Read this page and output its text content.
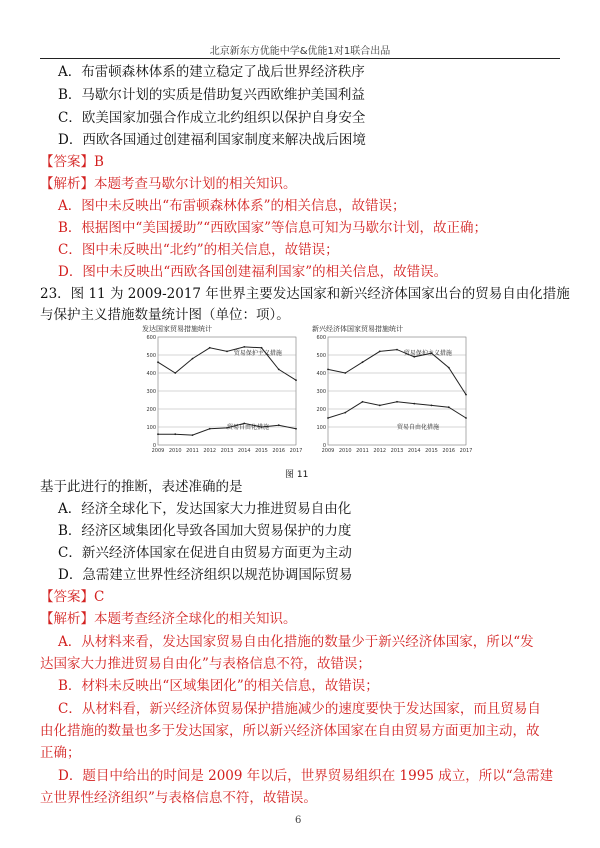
北京新东方优能中学&优能1对1联合出品
A．布雷顿森林体系的建立稳定了战后世界经济秩序
B．马歇尔计划的实质是借助复兴西欧维护美国利益
C．欧美国家加强合作成立北约组织以保护自身安全
D．西欧各国通过创建福利国家制度来解决战后困境
【答案】B
【解析】本题考查马歇尔计划的相关知识。
A．图中未反映出“布雷顿森林体系”的相关信息，故错误；
B．根据图中“美国援助”“西欧国家”等信息可知为马歇尔计划，故正确；
C．图中未反映出“北约”的相关信息，故错误；
D．图中未反映出“西欧各国创建福利国家”的相关信息，故错误。
23．图 11 为 2009-2017 年世界主要发达国家和新兴经济体国家出台的贸易自由化措施
与保护主义措施数量统计图（单位：项）。
发达国家贸易措施统计
0
100
200
300
400
500
600
2009 2010 2011 2012 2013 2014 2015 2016 2017
贸易保护主义措施
贸易自由化措施
新兴经济体国家贸易措施统计
0
100
200
300
400
500
600
2009 2010 2011 2012 2013 2014 2015 2016 2017
贸易保护主义措施
贸易自由化措施
图 11
基于此进行的推断，表述准确的是
A．经济全球化下，发达国家大力推进贸易自由化
B．经济区域集团化导致各国加大贸易保护的力度
C．新兴经济体国家在促进自由贸易方面更为主动
D．急需建立世界性经济组织以规范协调国际贸易
【答案】C
【解析】本题考查经济全球化的相关知识。
A．从材料来看，发达国家贸易自由化措施的数量少于新兴经济体国家，所以“发
达国家大力推进贸易自由化”与表格信息不符，故错误；
B．材料未反映出“区域集团化”的相关信息，故错误；
C．从材料看，新兴经济体贸易保护措施减少的速度要快于发达国家，而且贸易自
由化措施的数量也多于发达国家，所以新兴经济体国家在自由贸易方面更加主动，故
正确；
D．题目中给出的时间是 2009 年以后，世界贸易组织在 1995 成立，所以“急需建
立世界性经济组织”与表格信息不符，故错误。
6
